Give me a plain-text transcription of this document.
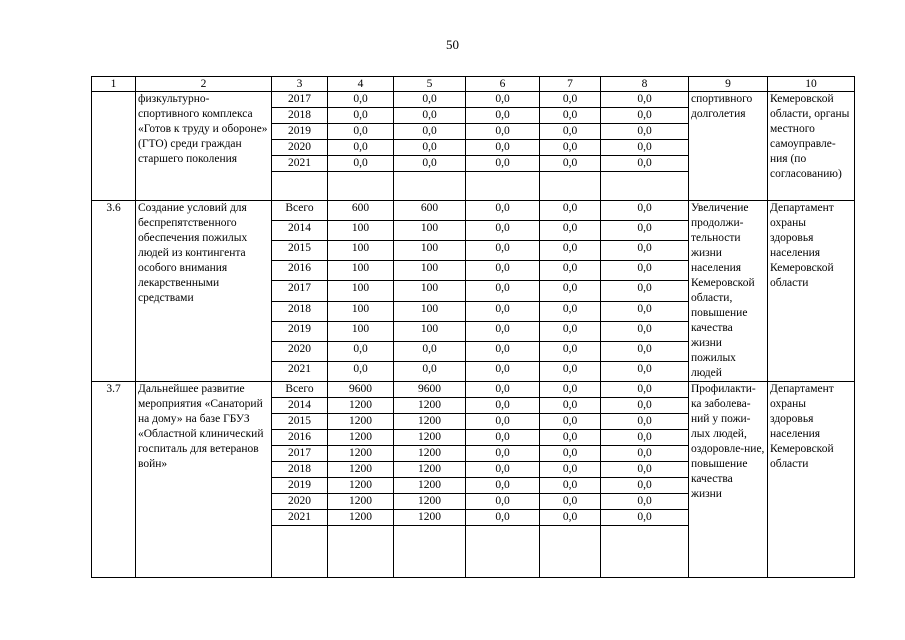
50
1	2	3	4	5	6	7	8	9	10
	физкультурно-спортивного комплекса «Готов к труду и обороне» (ГТО) среди граждан старшего поколения	2017	0,0	0,0	0,0	0,0	0,0	спортивного долголетия	Кемеровской области, органы местного самоуправле-ния (по согласованию)
		2018	0,0	0,0	0,0	0,0	0,0		
		2019	0,0	0,0	0,0	0,0	0,0		
		2020	0,0	0,0	0,0	0,0	0,0		
		2021	0,0	0,0	0,0	0,0	0,0		

3.6	Создание условий для беспрепятственного обеспечения пожилых людей из контингента особого внимания лекарственными средствами	Всего	600	600	0,0	0,0	0,0	Увеличение продолжи-тельности жизни населения Кемеровской области, повышение качества жизни пожилых людей	Департамент охраны здоровья населения Кемеровской области
		2014	100	100	0,0	0,0	0,0		
		2015	100	100	0,0	0,0	0,0		
		2016	100	100	0,0	0,0	0,0		
		2017	100	100	0,0	0,0	0,0		
		2018	100	100	0,0	0,0	0,0		
		2019	100	100	0,0	0,0	0,0		
		2020	0,0	0,0	0,0	0,0	0,0		
		2021	0,0	0,0	0,0	0,0	0,0		
3.7	Дальнейшее развитие мероприятия «Санаторий на дому» на базе ГБУЗ «Областной клинический госпиталь для ветеранов войн»	Всего	9600	9600	0,0	0,0	0,0	Профилакти-ка заболева-ний у пожи-лых людей, оздоровле-ние, повышение качества жизни	Департамент охраны здоровья населения Кемеровской области
		2014	1200	1200	0,0	0,0	0,0		
		2015	1200	1200	0,0	0,0	0,0		
		2016	1200	1200	0,0	0,0	0,0		
		2017	1200	1200	0,0	0,0	0,0		
		2018	1200	1200	0,0	0,0	0,0		
		2019	1200	1200	0,0	0,0	0,0		
		2020	1200	1200	0,0	0,0	0,0		
		2021	1200	1200	0,0	0,0	0,0		
